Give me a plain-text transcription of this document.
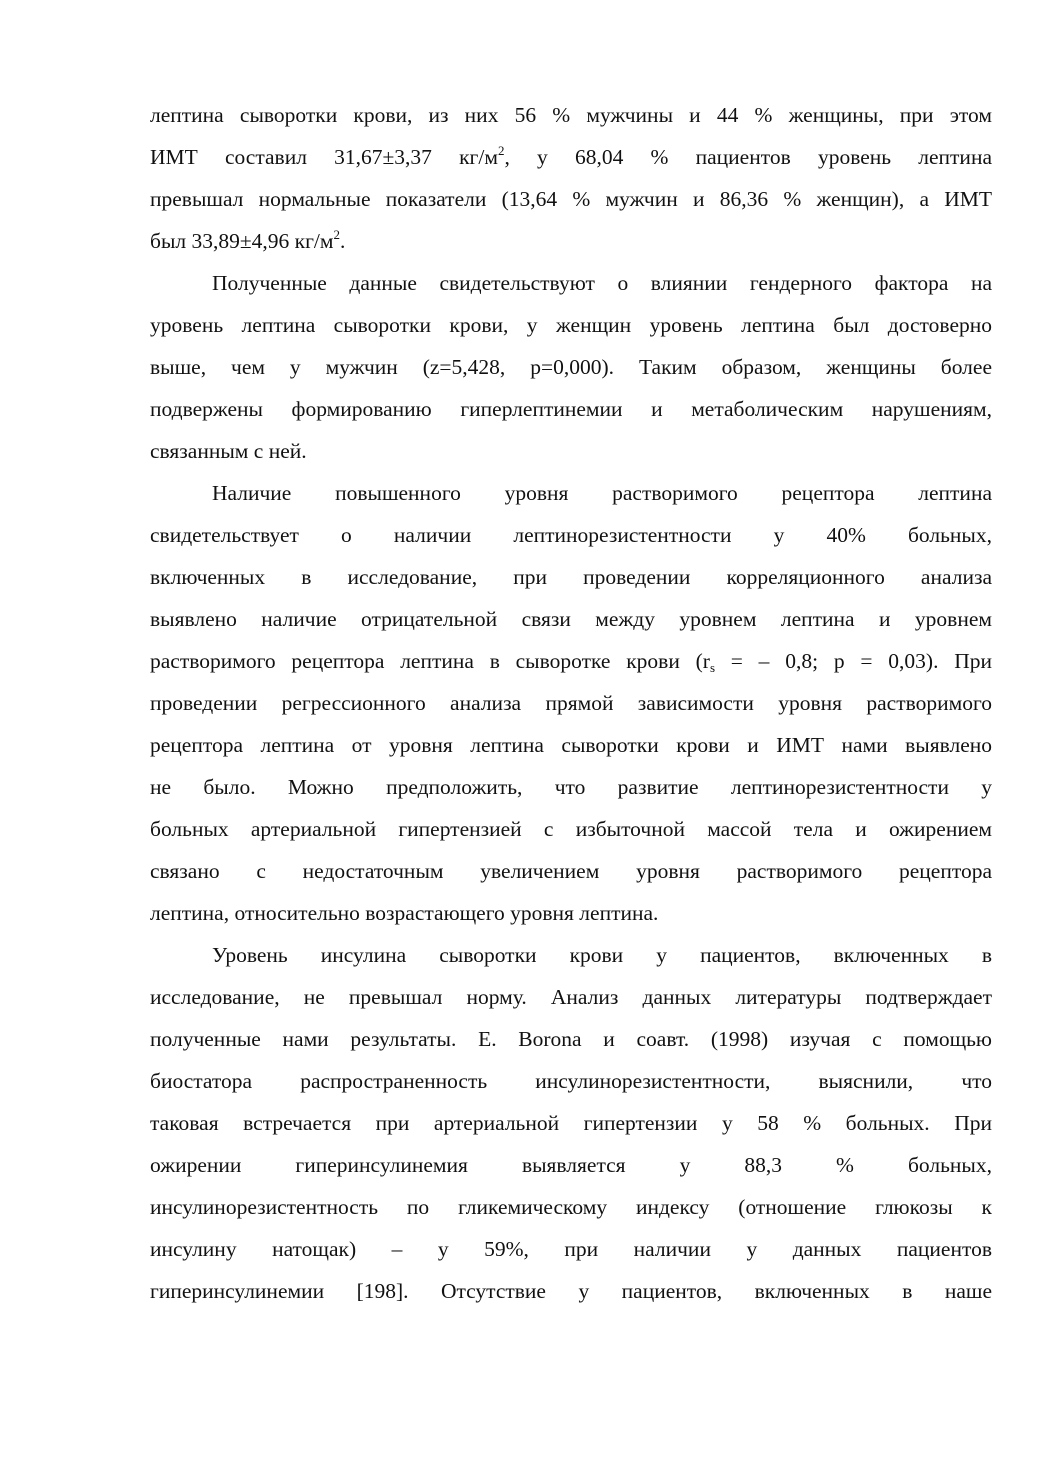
лептина сыворотки крови, из них 56 % мужчины и 44 % женщины, при этом
ИМТ составил 31,67±3,37 $кг/м^2$, у 68,04 % пациентов уровень лептина
превышал нормальные показатели (13,64 % мужчин и 86,36 % женщин), а ИМТ
был 33,89±4,96 $кг/м^2$.

Полученные данные свидетельствуют о влиянии гендерного фактора на
уровень лептина сыворотки крови, у женщин уровень лептина был достоверно
выше, чем у мужчин (z=5,428, p=0,000). Таким образом, женщины более
подвержены формированию гиперлептинемии и метаболическим нарушениям,
связанным с ней.

Наличие повышенного уровня растворимого рецептора лептина
свидетельствует о наличии лептинорезистентности у 40% больных,
включенных в исследование, при проведении корреляционного анализа
выявлено наличие отрицательной связи между уровнем лептина и уровнем
растворимого рецептора лептина в сыворотке крови ($r_s$ = – 0,8; p = 0,03). При
проведении регрессионного анализа прямой зависимости уровня растворимого
рецептора лептина от уровня лептина сыворотки крови и ИМТ нами выявлено
не было. Можно предположить, что развитие лептинорезистентности у
больных артериальной гипертензией с избыточной массой тела и ожирением
связано с недостаточным увеличением уровня растворимого рецептора
лептина, относительно возрастающего уровня лептина.

Уровень инсулина сыворотки крови у пациентов, включенных в
исследование, не превышал норму. Анализ данных литературы подтверждает
полученные нами результаты. E. Borona и соавт. (1998) изучая с помощью
биостатора распространенность инсулинорезистентности, выяснили, что
таковая встречается при артериальной гипертензии у 58 % больных. При
ожирении гиперинсулинемия выявляется у 88,3 % больных,
инсулинорезистентность по гликемическому индексу (отношение глюкозы к
инсулину натощак) – у 59%, при наличии у данных пациентов
гиперинсулинемии [198]. Отсутствие у пациентов, включенных в наше
